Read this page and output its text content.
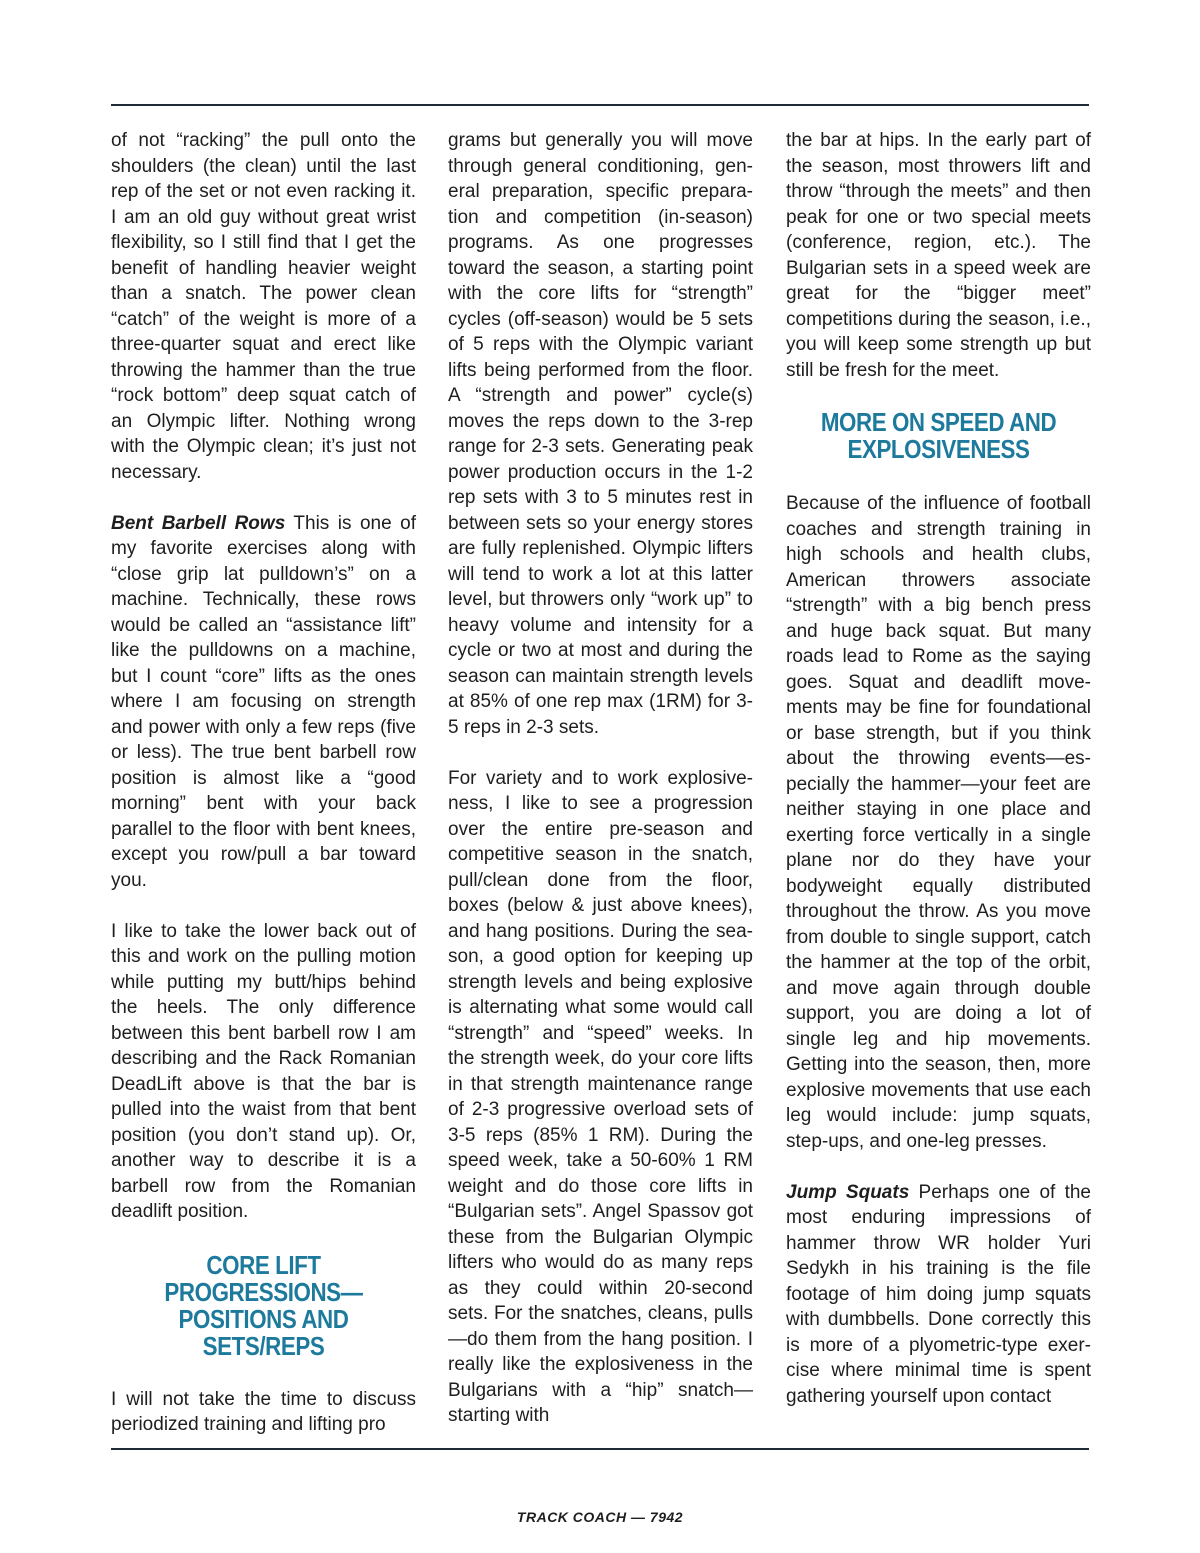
of not “racking” the pull onto the shoulders (the clean) until the last rep of the set or not even racking it. I am an old guy without great wrist flexibility, so I still find that I get the benefit of handling heavier weight than a snatch. The power clean “catch” of the weight is more of a three-quarter squat and erect like throwing the hammer than the true “rock bottom” deep squat catch of an Olympic lifter. Nothing wrong with the Olympic clean; it’s just not necessary.

Bent Barbell Rows This is one of my favorite exercises along with “close grip lat pulldown’s” on a machine. Technically, these rows would be called an “assistance lift” like the pulldowns on a machine, but I count “core” lifts as the ones where I am focusing on strength and power with only a few reps (five or less). The true bent barbell row position is almost like a “good morning” bent with your back parallel to the floor with bent knees, except you row/pull a bar toward you.

I like to take the lower back out of this and work on the pulling motion while putting my butt/hips behind the heels. The only difference between this bent barbell row I am describing and the Rack Romanian DeadLift above is that the bar is pulled into the waist from that bent position (you don’t stand up). Or, another way to describe it is a barbell row from the Romanian deadlift position.

CORE LIFT PROGRESSIONS— POSITIONS AND SETS/REPS

I will not take the time to discuss periodized training and lifting pro

grams but generally you will move through general conditioning, general preparation, specific preparation and competition (in-season) programs. As one progresses toward the season, a starting point with the core lifts for “strength” cycles (off-season) would be 5 sets of 5 reps with the Olympic variant lifts being performed from the floor. A “strength and power” cycle(s) moves the reps down to the 3-rep range for 2-3 sets. Generating peak power production occurs in the 1-2 rep sets with 3 to 5 minutes rest in between sets so your energy stores are fully replenished. Olympic lifters will tend to work a lot at this latter level, but throwers only “work up” to heavy volume and intensity for a cycle or two at most and during the season can maintain strength levels at 85% of one rep max (1RM) for 3-5 reps in 2-3 sets.

For variety and to work explosiveness, I like to see a progression over the entire pre-season and competitive season in the snatch, pull/clean done from the floor, boxes (below & just above knees), and hang positions. During the season, a good option for keeping up strength levels and being explosive is alternating what some would call “strength” and “speed” weeks. In the strength week, do your core lifts in that strength maintenance range of 2-3 progressive overload sets of 3-5 reps (85% 1 RM). During the speed week, take a 50-60% 1 RM weight and do those core lifts in “Bulgarian sets”. Angel Spassov got these from the Bulgarian Olympic lifters who would do as many reps as they could within 20-second sets. For the snatches, cleans, pulls—do them from the hang position. I really like the explosiveness in the Bulgarians with a “hip” snatch—starting with

the bar at hips. In the early part of the season, most throwers lift and throw “through the meets” and then peak for one or two special meets (conference, region, etc.). The Bulgarian sets in a speed week are great for the “bigger meet” competitions during the season, i.e., you will keep some strength up but still be fresh for the meet.

MORE ON SPEED AND EXPLOSIVENESS

Because of the influence of football coaches and strength training in high schools and health clubs, American throwers associate “strength” with a big bench press and huge back squat. But many roads lead to Rome as the saying goes. Squat and deadlift movements may be fine for foundational or base strength, but if you think about the throwing events—especially the hammer—your feet are neither staying in one place and exerting force vertically in a single plane nor do they have your bodyweight equally distributed throughout the throw. As you move from double to single support, catch the hammer at the top of the orbit, and move again through double support, you are doing a lot of single leg and hip movements. Getting into the season, then, more explosive movements that use each leg would include: jump squats, step-ups, and one-leg presses.

Jump Squats Perhaps one of the most enduring impressions of hammer throw WR holder Yuri Sedykh in his training is the file footage of him doing jump squats with dumbbells. Done correctly this is more of a plyometric-type exercise where minimal time is spent gathering yourself upon contact

TRACK COACH — 7942
